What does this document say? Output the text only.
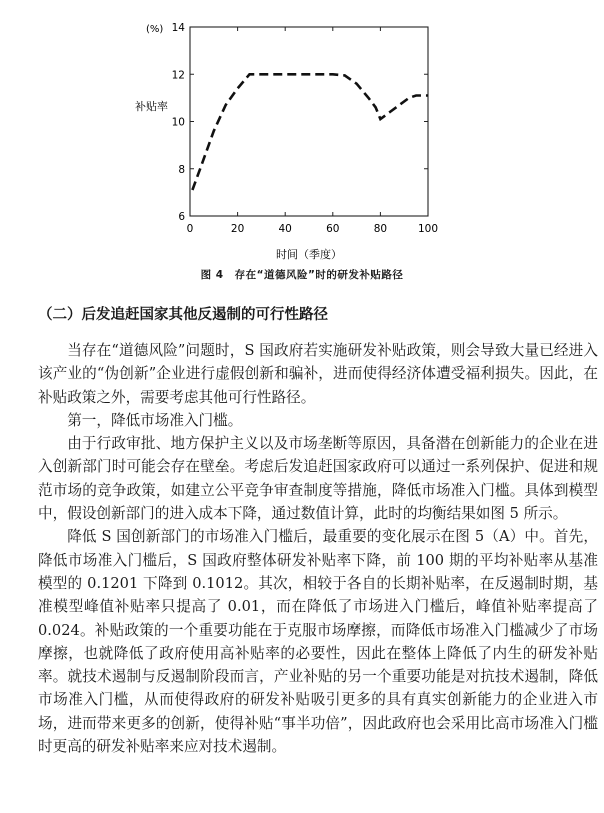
(%)
补贴率
时间（季度）
0	20	40	60	80	100
6
8
10
12
14
图 4　存在“道德风险”时的研发补贴路径
（二）后发追赶国家其他反遏制的可行性路径

当存在“道德风险”问题时，S 国政府若实施研发补贴政策，则会导致大量已经进入该产业的“伪创新”企业进行虚假创新和骗补，进而使得经济体遭受福利损失。因此，在补贴政策之外，需要考虑其他可行性路径。

第一，降低市场准入门槛。

由于行政审批、地方保护主义以及市场垄断等原因，具备潜在创新能力的企业在进入创新部门时可能会存在壁垒。考虑后发追赶国家政府可以通过一系列保护、促进和规范市场的竞争政策，如建立公平竞争审查制度等措施，降低市场准入门槛。具体到模型中，假设创新部门的进入成本下降，通过数值计算，此时的均衡结果如图 5 所示。

降低 S 国创新部门的市场准入门槛后，最重要的变化展示在图 5（A）中。首先，降低市场准入门槛后，S 国政府整体研发补贴率下降，前 100 期的平均补贴率从基准模型的 0.1201 下降到 0.1012。其次，相较于各自的长期补贴率，在反遏制时期，基准模型峰值补贴率只提高了 0.01，而在降低了市场进入门槛后，峰值补贴率提高了 0.024。补贴政策的一个重要功能在于克服市场摩擦，而降低市场准入门槛减少了市场摩擦，也就降低了政府使用高补贴率的必要性，因此在整体上降低了内生的研发补贴率。就技术遏制与反遏制阶段而言，产业补贴的另一个重要功能是对抗技术遏制，降低市场准入门槛，从而使得政府的研发补贴吸引更多的具有真实创新能力的企业进入市场，进而带来更多的创新，使得补贴“事半功倍”，因此政府也会采用比高市场准入门槛时更高的研发补贴率来应对技术遏制。
